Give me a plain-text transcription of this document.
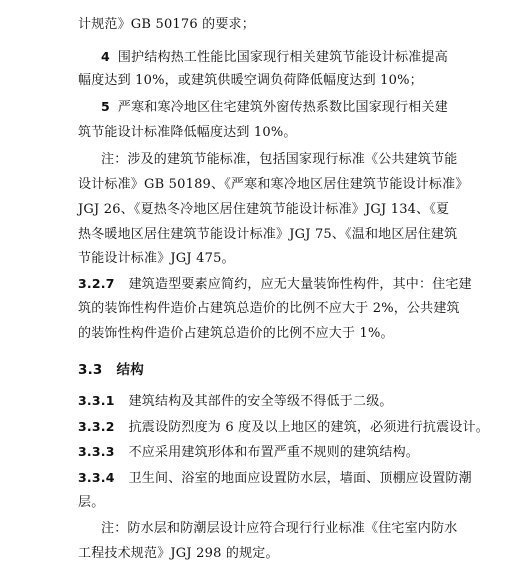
计规范》GB 50176 的要求；
4 围护结构热工性能比国家现行相关建筑节能设计标准提高
幅度达到 10%，或建筑供暖空调负荷降低幅度达到 10%；
5 严寒和寒冷地区住宅建筑外窗传热系数比国家现行相关建
筑节能设计标准降低幅度达到 10%。
注：涉及的建筑节能标准，包括国家现行标准《公共建筑节能
设计标准》GB 50189、《严寒和寒冷地区居住建筑节能设计标准》
JGJ 26、《夏热冬冷地区居住建筑节能设计标准》JGJ 134、《夏
热冬暖地区居住建筑节能设计标准》JGJ 75、《温和地区居住建筑
节能设计标准》JGJ 475。
3.2.7 建筑造型要素应简约，应无大量装饰性构件，其中：住宅建
筑的装饰性构件造价占建筑总造价的比例不应大于 2%，公共建筑
的装饰性构件造价占建筑总造价的比例不应大于 1%。
3.3 结构
3.3.1 建筑结构及其部件的安全等级不得低于二级。
3.3.2 抗震设防烈度为 6 度及以上地区的建筑，必须进行抗震设计。
3.3.3 不应采用建筑形体和布置严重不规则的建筑结构。
3.3.4 卫生间、浴室的地面应设置防水层，墙面、顶棚应设置防潮
层。
注：防水层和防潮层设计应符合现行行业标准《住宅室内防水
工程技术规范》JGJ 298 的规定。
